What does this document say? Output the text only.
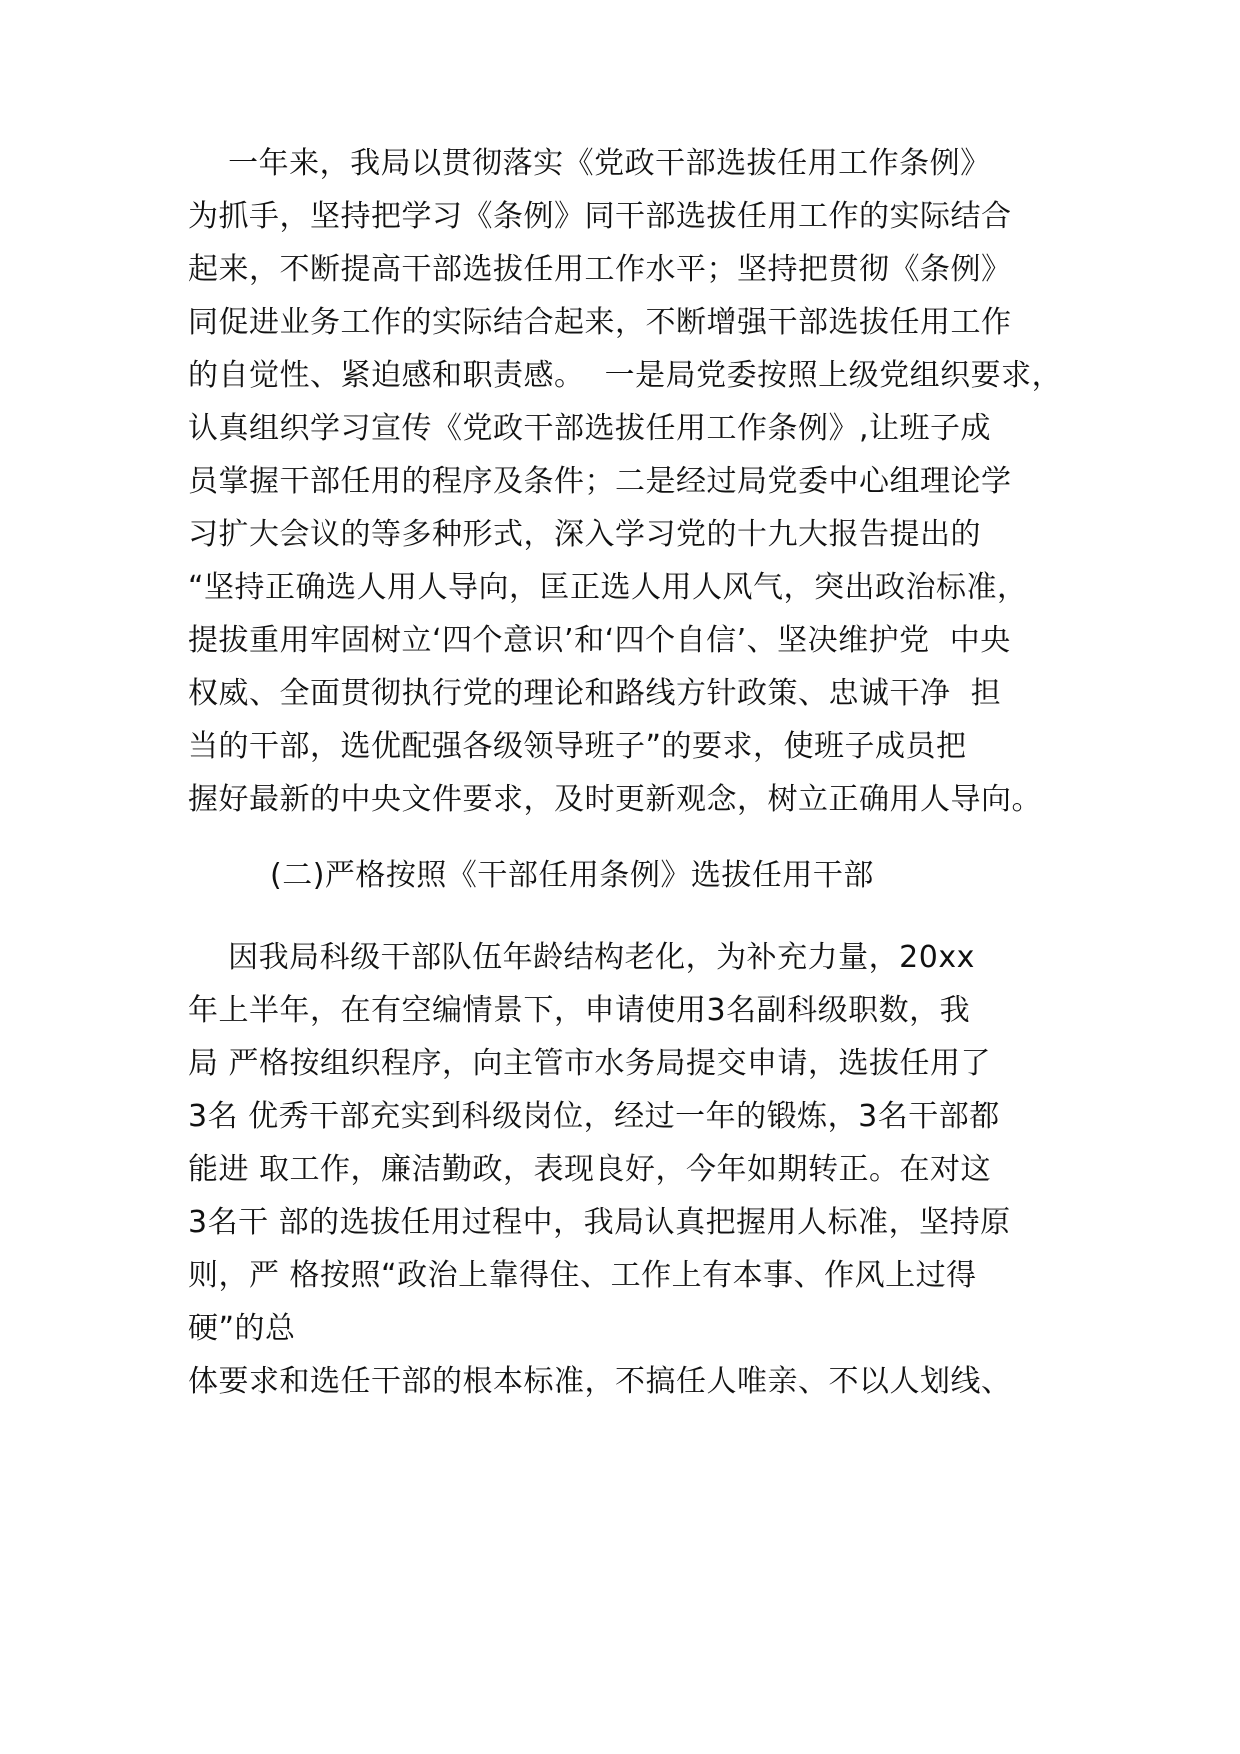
一年来，我局以贯彻落实《党政干部选拔任用工作条例》
为抓手，坚持把学习《条例》同干部选拔任用工作的实际结合
起来，不断提高干部选拔任用工作水平；坚持把贯彻《条例》
同促进业务工作的实际结合起来，不断增强干部选拔任用工作
的自觉性、紧迫感和职责感。  一是局党委按照上级党组织要求，
认真组织学习宣传《党政干部选拔任用工作条例》,让班子成
员掌握干部任用的程序及条件；二是经过局党委中心组理论学
习扩大会议的等多种形式，深入学习党的十九大报告提出的
“坚持正确选人用人导向，匡正选人用人风气，突出政治标准，
提拔重用牢固树立‘四个意识’和‘四个自信’、坚决维护党  中央
权威、全面贯彻执行党的理论和路线方针政策、忠诚干净  担
当的干部，选优配强各级领导班子”的要求，使班子成员把
握好最新的中央文件要求，及时更新观念，树立正确用人导向。
(二)严格按照《干部任用条例》选拔任用干部
因我局科级干部队伍年龄结构老化，为补充力量，20xx
年上半年，在有空编情景下，申请使用3名副科级职数，我
局 严格按组织程序，向主管市水务局提交申请，选拔任用了
3名 优秀干部充实到科级岗位，经过一年的锻炼，3名干部都
能进 取工作，廉洁勤政，表现良好，今年如期转正。在对这
3名干 部的选拔任用过程中，我局认真把握用人标准，坚持原
则，严 格按照“政治上靠得住、工作上有本事、作风上过得
硬”的总
体要求和选任干部的根本标准，不搞任人唯亲、不以人划线、
